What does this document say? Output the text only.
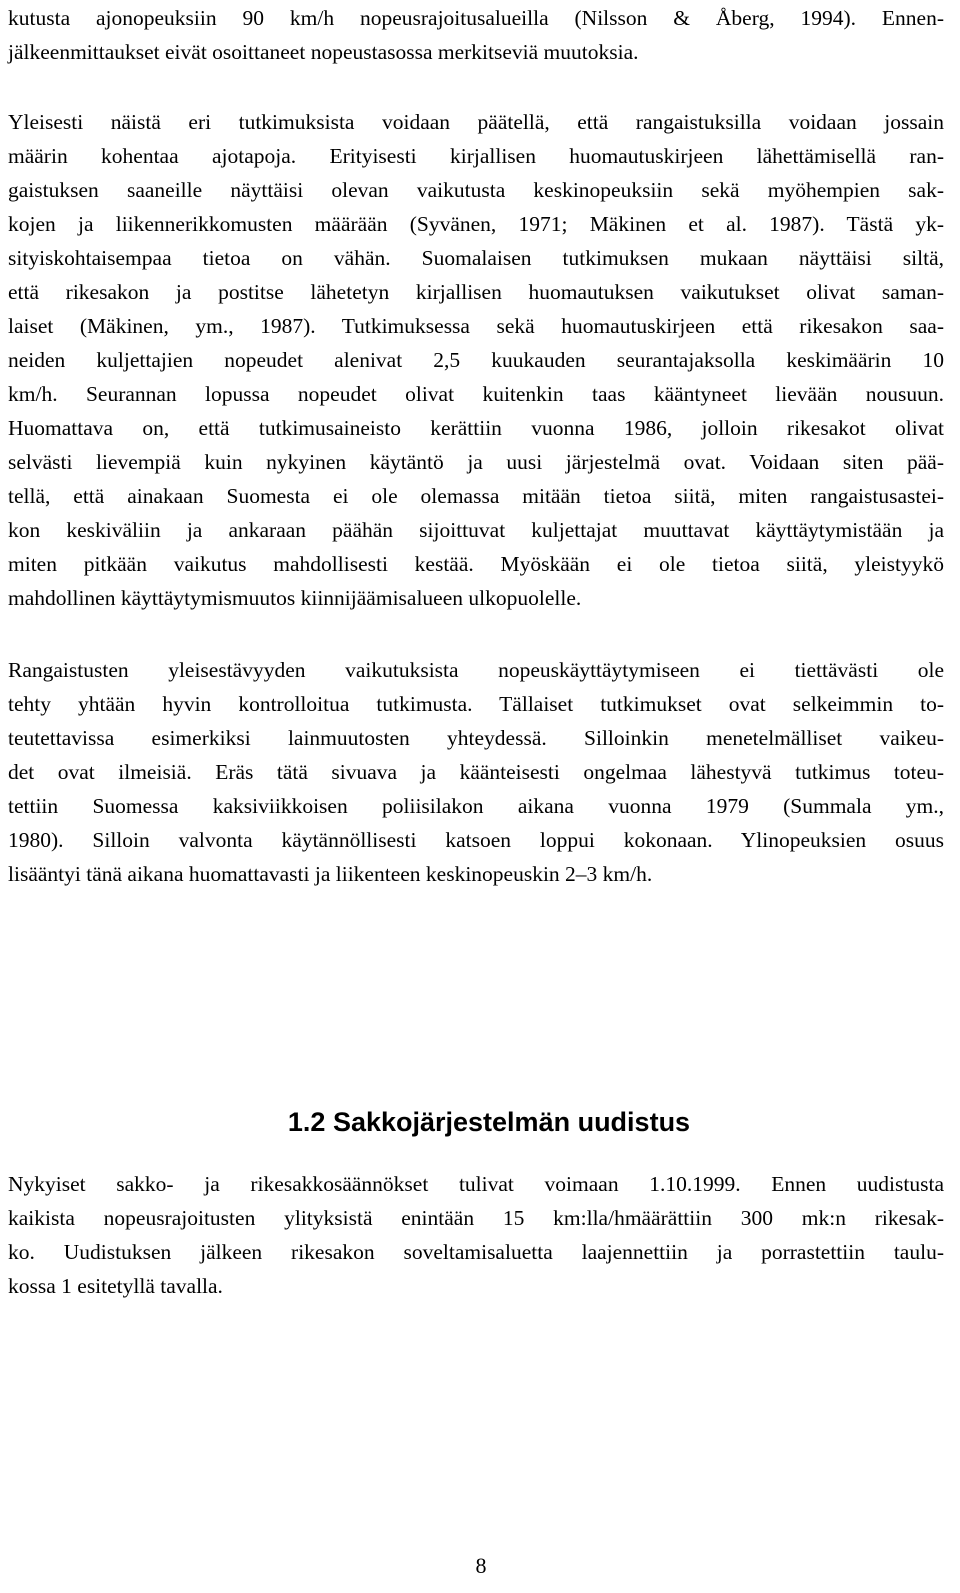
kutusta ajonopeuksiin 90 km/h nopeusrajoitusalueilla (Nilsson & Åberg, 1994). Ennen-
jälkeenmittaukset eivät osoittaneet nopeustasossa merkitseviä muutoksia.
Yleisesti näistä eri tutkimuksista voidaan päätellä, että rangaistuksilla voidaan jossain
määrin kohentaa ajotapoja. Erityisesti kirjallisen huomautuskirjeen lähettämisellä ran-
gaistuksen saaneille näyttäisi olevan vaikutusta keskinopeuksiin sekä myöhempien sak-
kojen ja liikennerikkomusten määrään (Syvänen, 1971; Mäkinen et al. 1987). Tästä yk-
sityiskohtaisempaa tietoa on vähän. Suomalaisen tutkimuksen mukaan näyttäisi siltä,
että rikesakon ja postitse lähetetyn kirjallisen huomautuksen vaikutukset olivat saman-
laiset (Mäkinen, ym., 1987). Tutkimuksessa sekä huomautuskirjeen että rikesakon saa-
neiden kuljettajien nopeudet alenivat 2,5 kuukauden seurantajaksolla keskimäärin 10
km/h. Seurannan lopussa nopeudet olivat kuitenkin taas kääntyneet lievään nousuun.
Huomattava on, että tutkimusaineisto kerättiin vuonna 1986, jolloin rikesakot olivat
selvästi lievempiä kuin nykyinen käytäntö ja uusi järjestelmä ovat. Voidaan siten pää-
tellä, että ainakaan Suomesta ei ole olemassa mitään tietoa siitä, miten rangaistusastei-
kon keskiväliin ja ankaraan päähän sijoittuvat kuljettajat muuttavat käyttäytymistään ja
miten pitkään vaikutus mahdollisesti kestää. Myöskään ei ole tietoa siitä, yleistyykö
mahdollinen käyttäytymismuutos kiinnijäämisalueen ulkopuolelle.
Rangaistusten yleisestävyyden vaikutuksista nopeuskäyttäytymiseen ei tiettävästi ole
tehty yhtään hyvin kontrolloitua tutkimusta. Tällaiset tutkimukset ovat selkeimmin to-
teutettavissa esimerkiksi lainmuutosten yhteydessä. Silloinkin menetelmälliset vaikeu-
det ovat ilmeisiä. Eräs tätä sivuava ja käänteisesti ongelmaa lähestyvä tutkimus toteu-
tettiin Suomessa kaksiviikkoisen poliisilakon aikana vuonna 1979 (Summala ym.,
1980). Silloin valvonta käytännöllisesti katsoen loppui kokonaan. Ylinopeuksien osuus
lisääntyi tänä aikana huomattavasti ja liikenteen keskinopeuskin 2–3 km/h.
1.2 Sakkojärjestelmän uudistus
Nykyiset sakko- ja rikesakkosäännökset tulivat voimaan 1.10.1999. Ennen uudistusta
kaikista nopeusrajoitusten ylityksistä enintään 15 km:lla/hmäärättiin 300 mk:n rikesak-
ko. Uudistuksen jälkeen rikesakon soveltamisaluetta laajennettiin ja porrastettiin taulu-
kossa 1 esitetyllä tavalla.
8
